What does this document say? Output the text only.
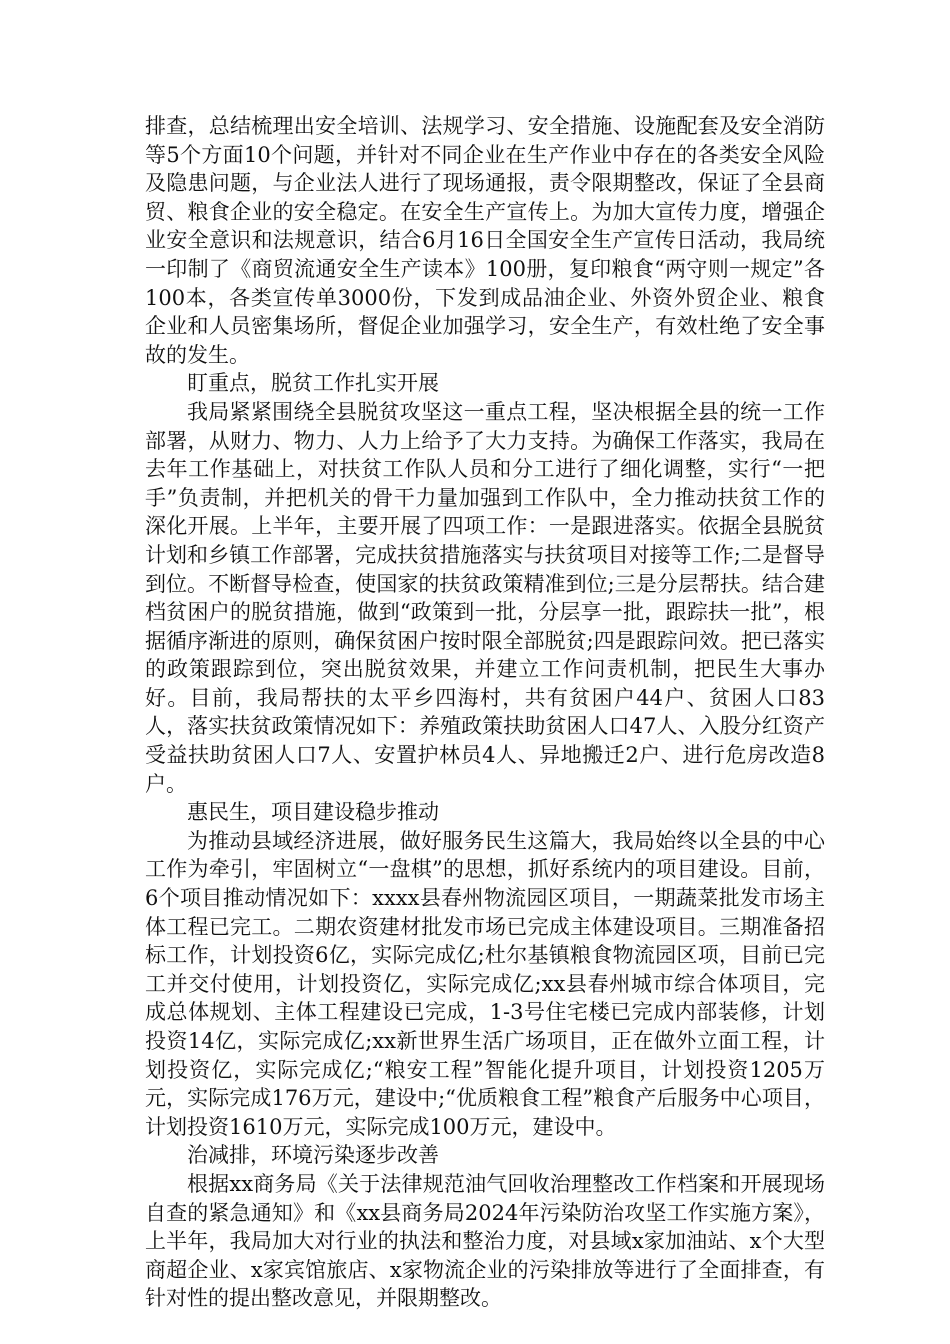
排查，总结梳理出安全培训、法规学习、安全措施、设施配套及安全消防等5个方面10个问题，并针对不同企业在生产作业中存在的各类安全风险及隐患问题，与企业法人进行了现场通报，责令限期整改，保证了全县商贸、粮食企业的安全稳定。在安全生产宣传上。为加大宣传力度，增强企业安全意识和法规意识，结合6月16日全国安全生产宣传日活动，我局统一印制了《商贸流通安全生产读本》100册，复印粮食“两守则一规定”各100本，各类宣传单3000份，下发到成品油企业、外资外贸企业、粮食企业和人员密集场所，督促企业加强学习，安全生产，有效杜绝了安全事故的发生。

盯重点，脱贫工作扎实开展

我局紧紧围绕全县脱贫攻坚这一重点工程，坚决根据全县的统一工作部署，从财力、物力、人力上给予了大力支持。为确保工作落实，我局在去年工作基础上，对扶贫工作队人员和分工进行了细化调整，实行“一把手”负责制，并把机关的骨干力量加强到工作队中，全力推动扶贫工作的深化开展。上半年，主要开展了四项工作：一是跟进落实。依据全县脱贫计划和乡镇工作部署，完成扶贫措施落实与扶贫项目对接等工作;二是督导到位。不断督导检查，使国家的扶贫政策精准到位;三是分层帮扶。结合建档贫困户的脱贫措施，做到“政策到一批，分层享一批，跟踪扶一批”，根据循序渐进的原则，确保贫困户按时限全部脱贫;四是跟踪问效。把已落实的政策跟踪到位，突出脱贫效果，并建立工作问责机制，把民生大事办好。目前，我局帮扶的太平乡四海村，共有贫困户44户、贫困人口83人，落实扶贫政策情况如下：养殖政策扶助贫困人口47人、入股分红资产受益扶助贫困人口7人、安置护林员4人、异地搬迁2户、进行危房改造8户。

惠民生，项目建设稳步推动

为推动县域经济进展，做好服务民生这篇大，我局始终以全县的中心工作为牵引，牢固树立“一盘棋”的思想，抓好系统内的项目建设。目前，6个项目推动情况如下：xxxx县春州物流园区项目，一期蔬菜批发市场主体工程已完工。二期农资建材批发市场已完成主体建设项目。三期准备招标工作，计划投资6亿，实际完成亿;杜尔基镇粮食物流园区项，目前已完工并交付使用，计划投资亿，实际完成亿;xx县春州城市综合体项目，完成总体规划、主体工程建设已完成，1-3号住宅楼已完成内部装修，计划投资14亿，实际完成亿;xx新世界生活广场项目，正在做外立面工程，计划投资亿，实际完成亿;“粮安工程”智能化提升项目，计划投资1205万元，实际完成176万元，建设中;“优质粮食工程”粮食产后服务中心项目，计划投资1610万元，实际完成100万元，建设中。

治减排，环境污染逐步改善

根据xx商务局《关于法律规范油气回收治理整改工作档案和开展现场自查的紧急通知》和《xx县商务局2024年污染防治攻坚工作实施方案》，上半年，我局加大对行业的执法和整治力度，对县域x家加油站、x个大型商超企业、x家宾馆旅店、x家物流企业的污染排放等进行了全面排查，有针对性的提出整改意见，并限期整改。
